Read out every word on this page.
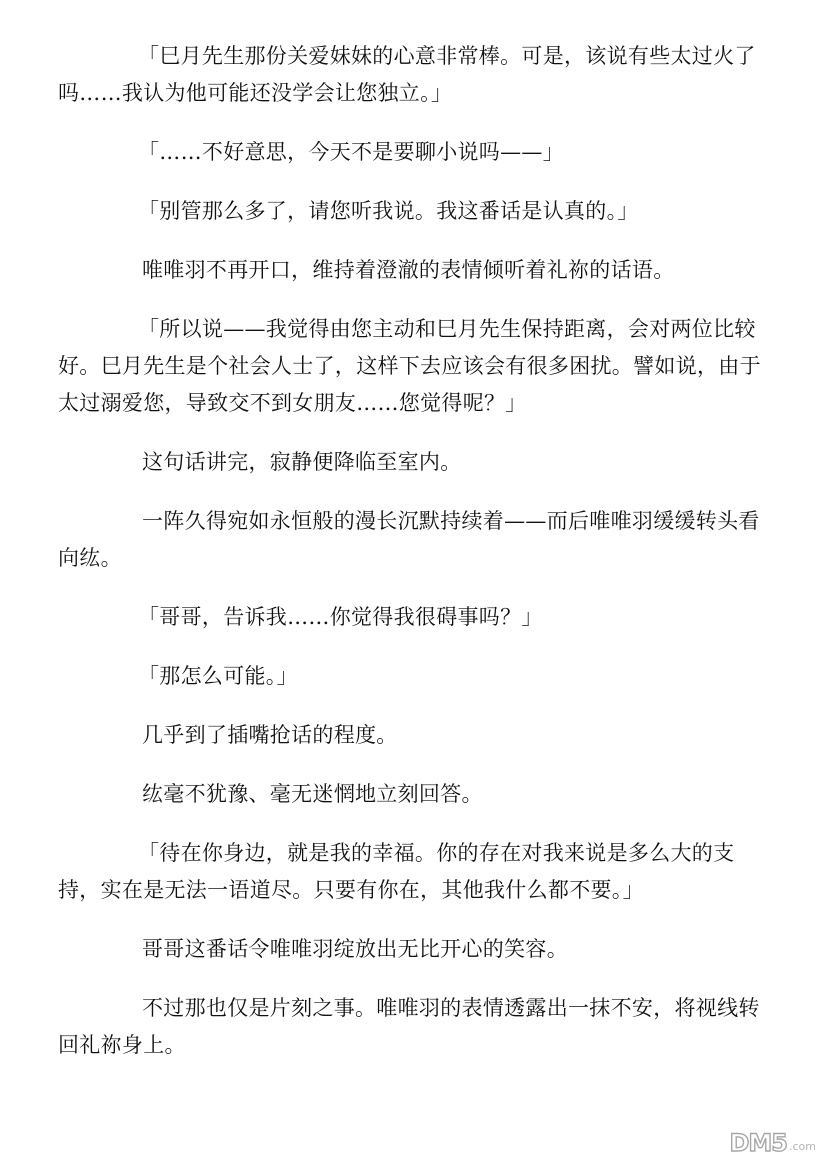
「巳月先生那份关爱妹妹的心意非常棒。可是，该说有些太过火了吗……我认为他可能还没学会让您独立。」

「……不好意思，今天不是要聊小说吗——」

「别管那么多了，请您听我说。我这番话是认真的。」

唯唯羽不再开口，维持着澄澈的表情倾听着礼祢的话语。

「所以说——我觉得由您主动和巳月先生保持距离，会对两位比较好。巳月先生是个社会人士了，这样下去应该会有很多困扰。譬如说，由于太过溺爱您，导致交不到女朋友……您觉得呢？」

这句话讲完，寂静便降临至室内。

一阵久得宛如永恒般的漫长沉默持续着——而后唯唯羽缓缓转头看向纮。

「哥哥，告诉我……你觉得我很碍事吗？」

「那怎么可能。」

几乎到了插嘴抢话的程度。

纮毫不犹豫、毫无迷惘地立刻回答。

「待在你身边，就是我的幸福。你的存在对我来说是多么大的支持，实在是无法一语道尽。只要有你在，其他我什么都不要。」

哥哥这番话令唯唯羽绽放出无比开心的笑容。

不过那也仅是片刻之事。唯唯羽的表情透露出一抹不安，将视线转回礼祢身上。

DM5 .com
